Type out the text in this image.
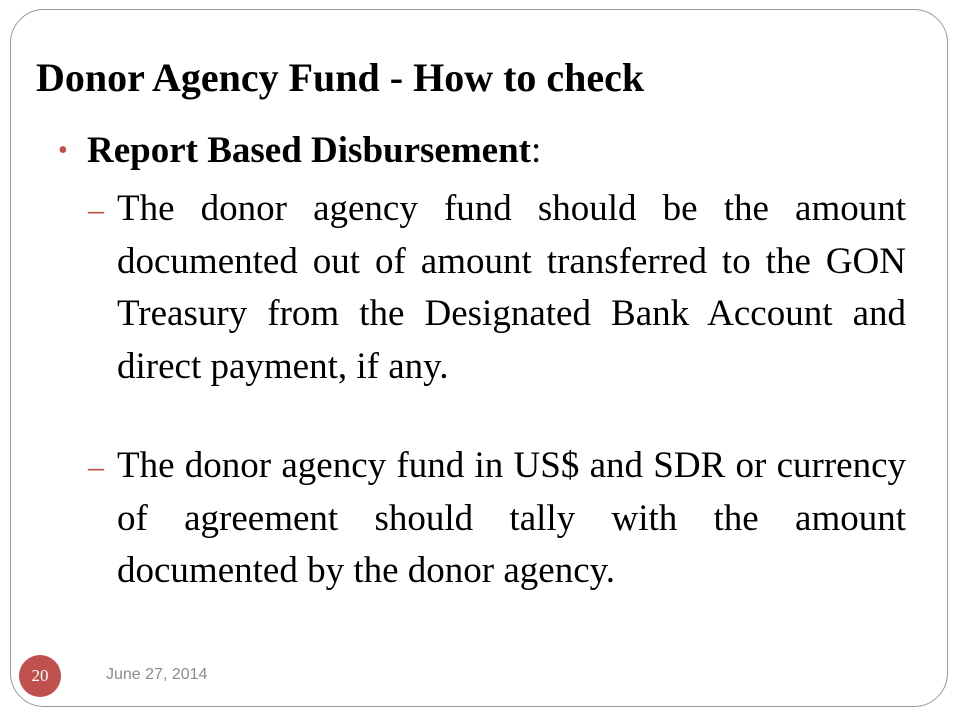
Donor Agency Fund - How to check
• Report Based Disbursement:
– The donor agency fund should be the amount documented out of amount transferred to the GON Treasury from the Designated Bank Account and direct payment, if any.

– The donor agency fund in US$ and SDR or currency of agreement should tally with the amount documented by the donor agency.

20	June 27, 2014
